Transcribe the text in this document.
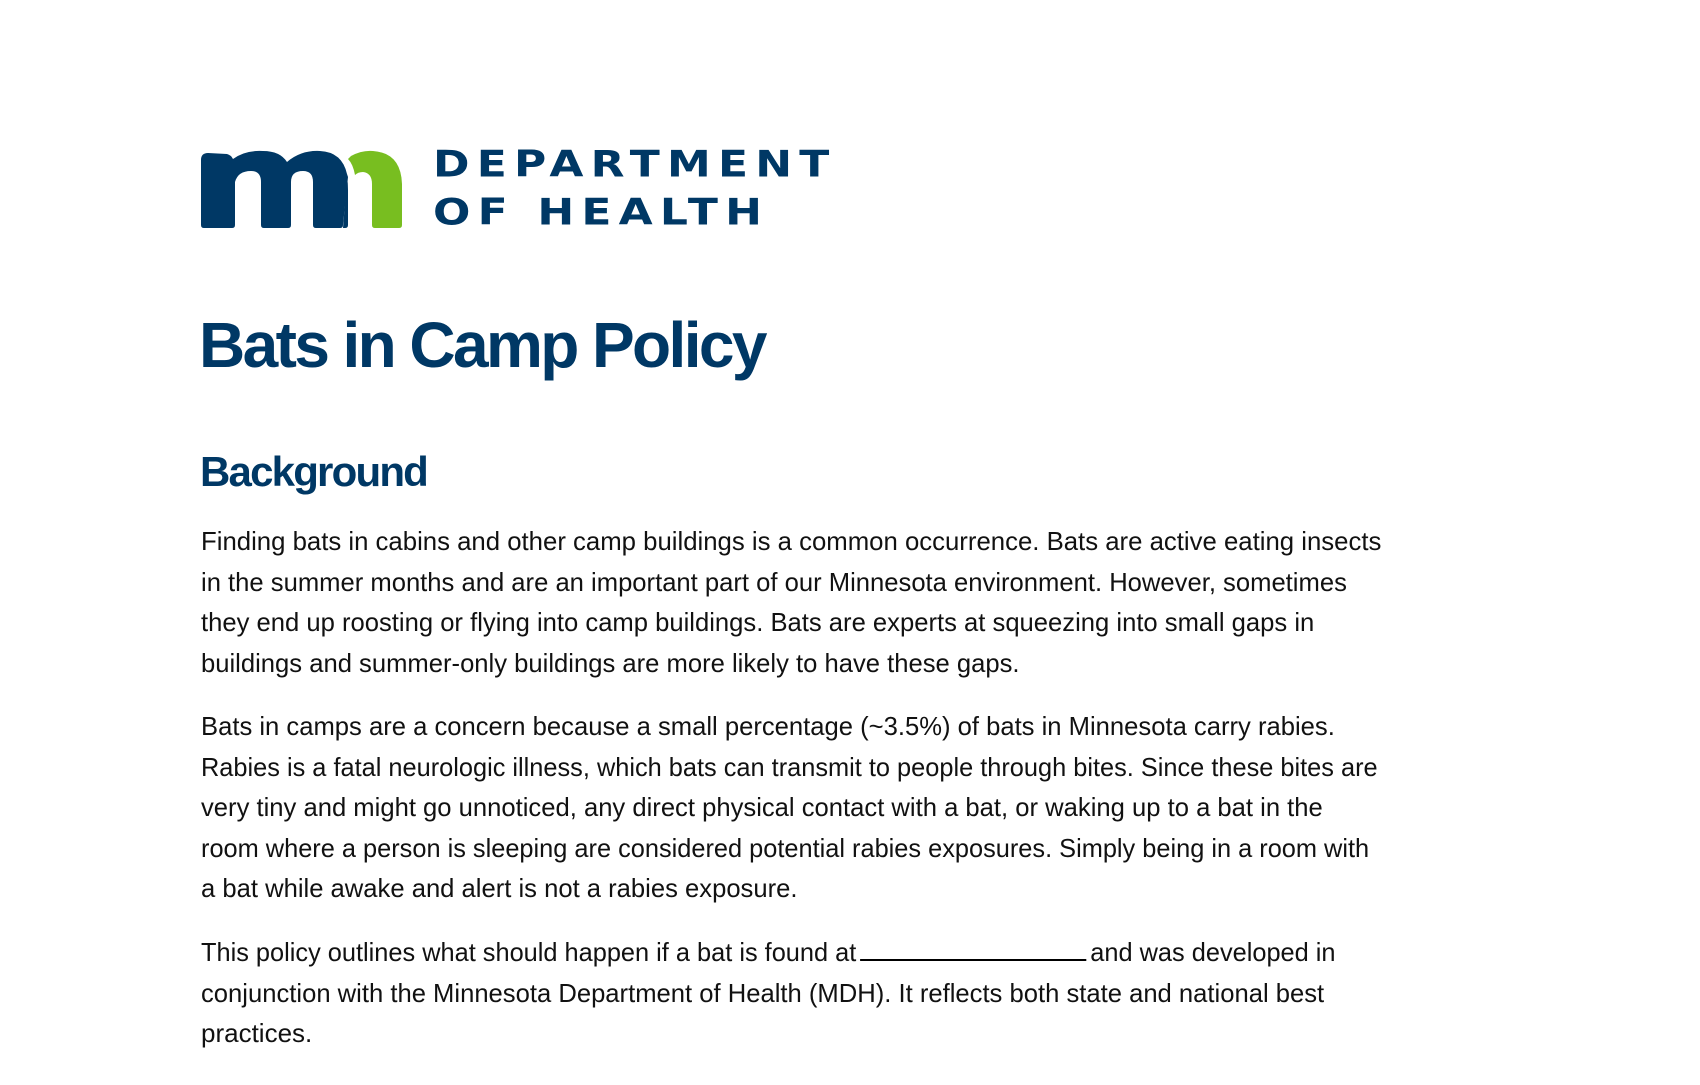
DEPARTMENT
OF HEALTH
Bats in Camp Policy
Background
Finding bats in cabins and other camp buildings is a common occurrence. Bats are active eating insects
in the summer months and are an important part of our Minnesota environment. However, sometimes
they end up roosting or flying into camp buildings. Bats are experts at squeezing into small gaps in
buildings and summer-only buildings are more likely to have these gaps.
Bats in camps are a concern because a small percentage (~3.5%) of bats in Minnesota carry rabies.
Rabies is a fatal neurologic illness, which bats can transmit to people through bites. Since these bites are
very tiny and might go unnoticed, any direct physical contact with a bat, or waking up to a bat in the
room where a person is sleeping are considered potential rabies exposures. Simply being in a room with
a bat while awake and alert is not a rabies exposure.
This policy outlines what should happen if a bat is found at	and was developed in
conjunction with the Minnesota Department of Health (MDH). It reflects both state and national best
practices.
